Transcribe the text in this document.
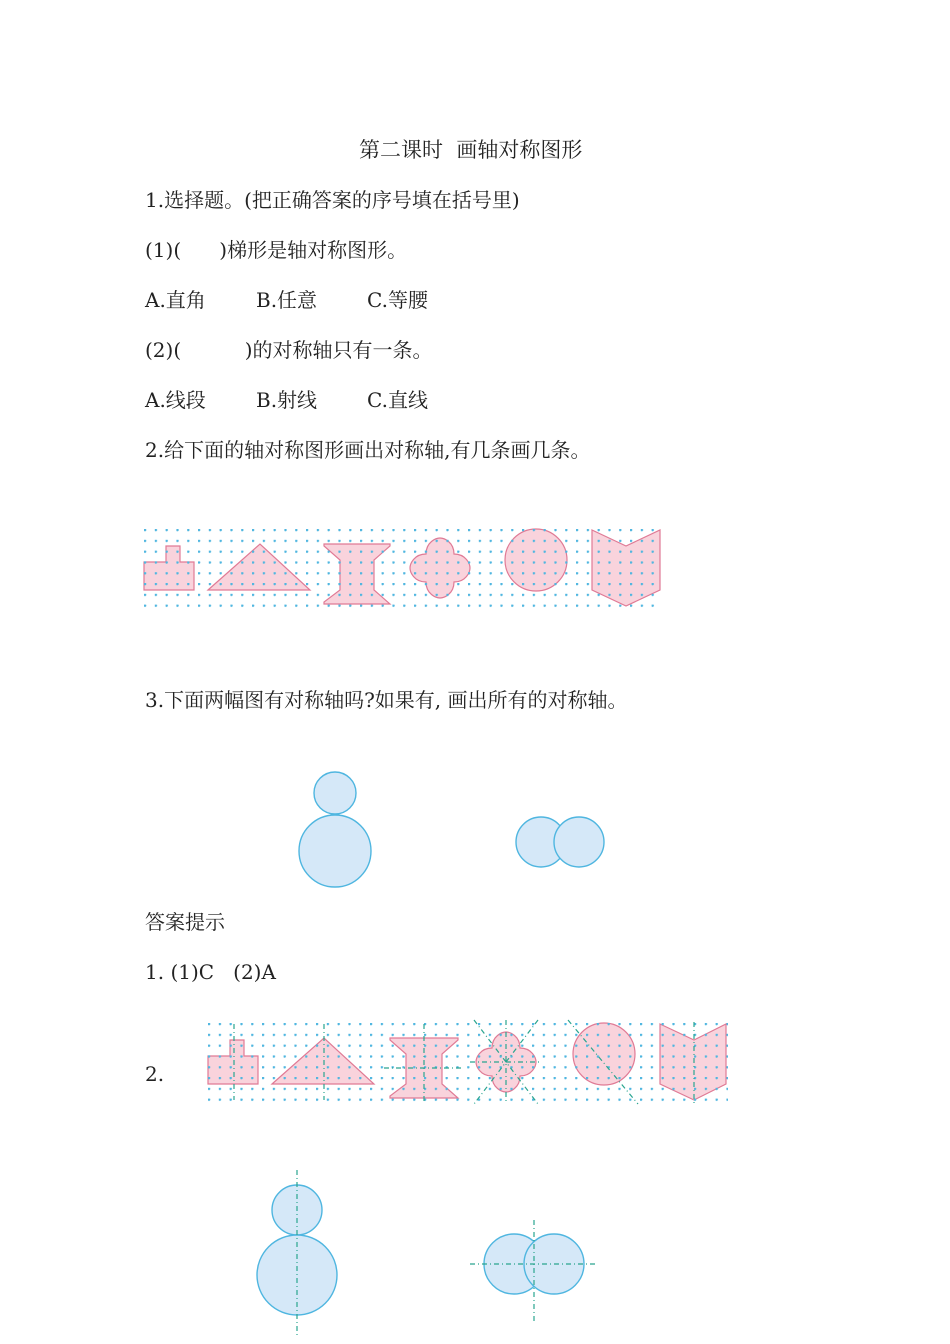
第二课时  画轴对称图形
1.选择题。(把正确答案的序号填在括号里)
(1)(      )梯形是轴对称图形。
A.直角	B.任意 C.等腰
(2)(          )的对称轴只有一条。
A.线段	B.射线 C.直线
2.给下面的轴对称图形画出对称轴,有几条画几条。
3.下面两幅图有对称轴吗?如果有, 画出所有的对称轴。
答案提示
1. (1)C   (2)A
2.
